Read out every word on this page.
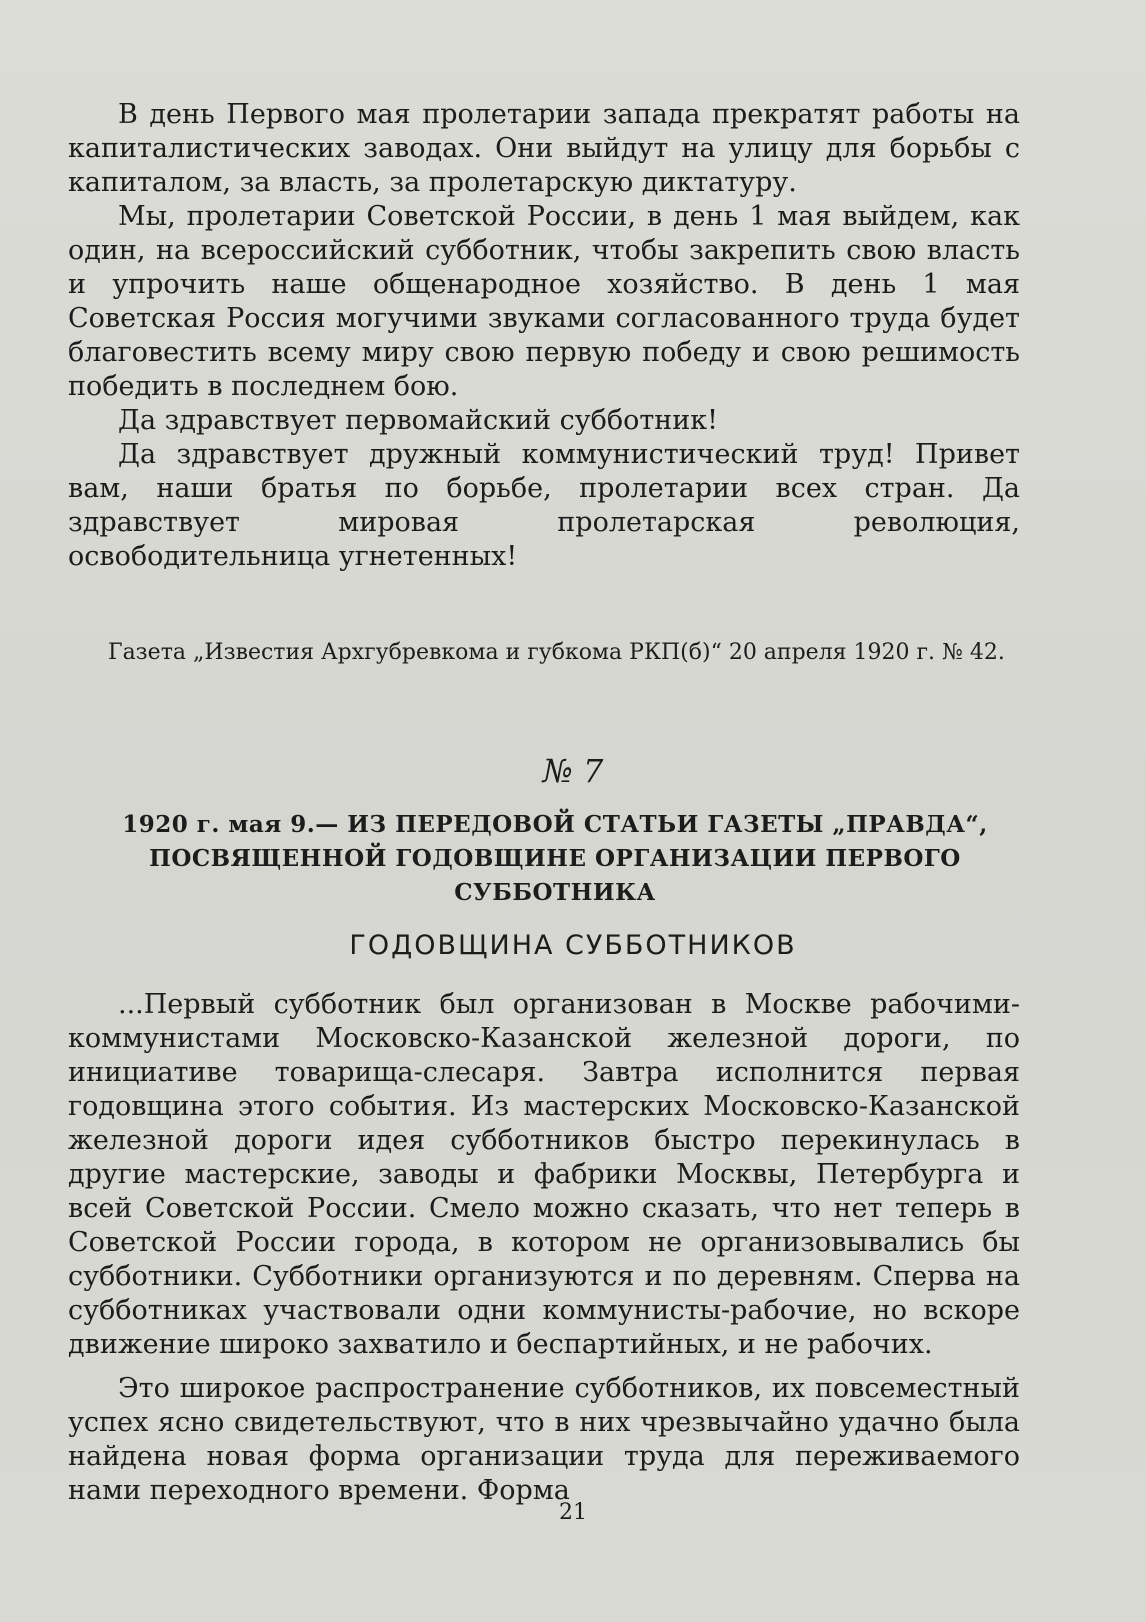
В день Первого мая пролетарии запада прекратят работы на капиталистических заводах. Они выйдут на улицу для борьбы с капиталом, за власть, за пролетарскую диктатуру.

Мы, пролетарии Советской России, в день 1 мая выйдем, как один, на всероссийский субботник, чтобы закрепить свою власть и упрочить наше общенародное хозяйство. В день 1 мая Советская Россия могучими звуками согласованного труда будет благовестить всему миру свою первую победу и свою решимость победить в последнем бою.

Да здравствует первомайский субботник!

Да здравствует дружный коммунистический труд! Привет вам, наши братья по борьбе, пролетарии всех стран. Да здравствует мировая пролетарская революция, освободительница угнетенных!

Газета „Известия Архгубревкома и губкома РКП(б)“ 20 апреля 1920 г. № 42.

№ 7

1920 г. мая 9.— ИЗ ПЕРЕДОВОЙ СТАТЬИ ГАЗЕТЫ „ПРАВДА“, ПОСВЯЩЕННОЙ ГОДОВЩИНЕ ОРГАНИЗАЦИИ ПЕРВОГО СУББОТНИКА

ГОДОВЩИНА СУББОТНИКОВ

...Первый субботник был организован в Москве рабочими-коммунистами Московско-Казанской железной дороги, по инициативе товарища-слесаря. Завтра исполнится первая годовщина этого события. Из мастерских Московско-Казанской железной дороги идея субботников быстро перекинулась в другие мастерские, заводы и фабрики Москвы, Петербурга и всей Советской России. Смело можно сказать, что нет теперь в Советской России города, в котором не организовывались бы субботники. Субботники организуются и по деревням. Сперва на субботниках участвовали одни коммунисты-рабочие, но вскоре движение широко захватило и беспартийных, и не рабочих.

Это широкое распространение субботников, их повсеместный успех ясно свидетельствуют, что в них чрезвычайно удачно была найдена новая форма организации труда для переживаемого нами переходного времени. Форма

21
